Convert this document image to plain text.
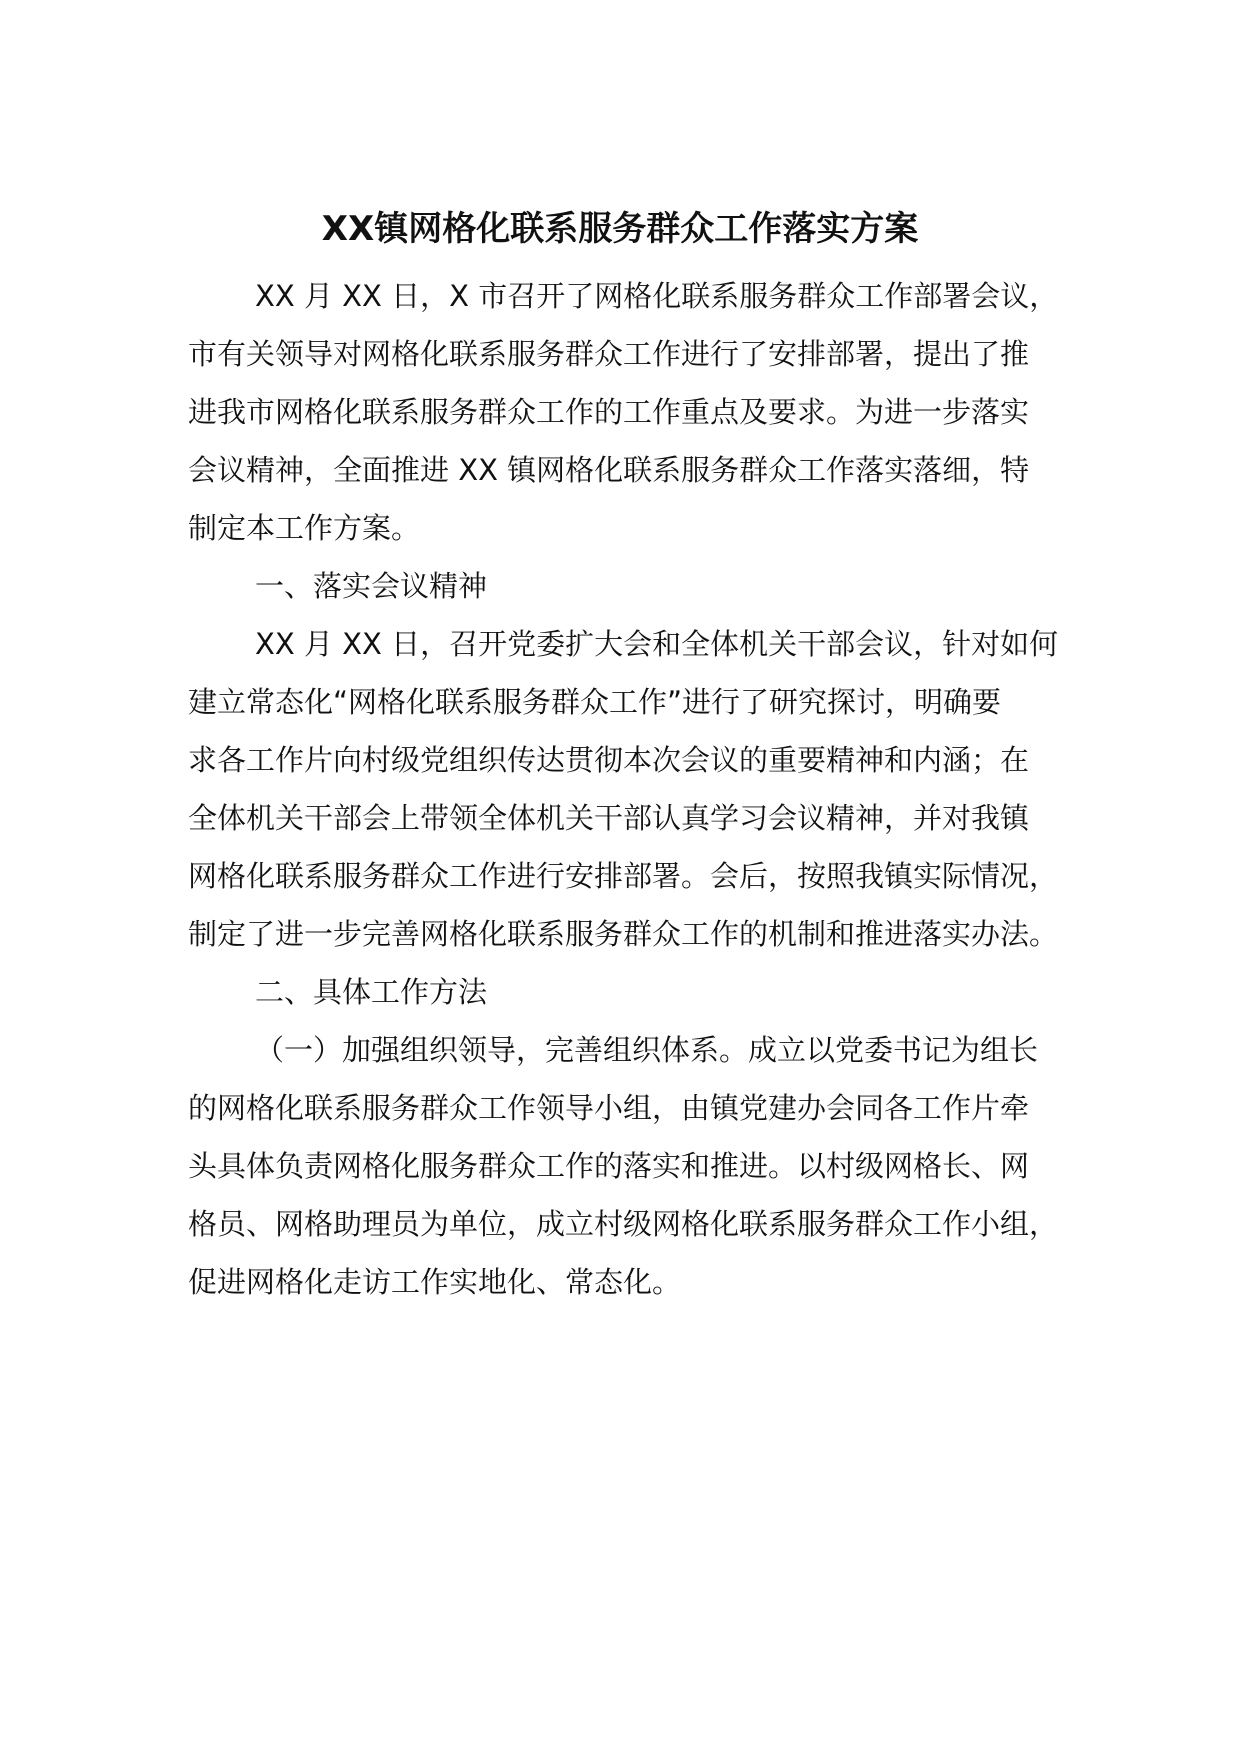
XX镇网格化联系服务群众工作落实方案
XX 月 XX 日，X 市召开了网格化联系服务群众工作部署会议，
市有关领导对网格化联系服务群众工作进行了安排部署，提出了推
进我市网格化联系服务群众工作的工作重点及要求。为进一步落实
会议精神，全面推进 XX 镇网格化联系服务群众工作落实落细，特
制定本工作方案。
一、落实会议精神
XX 月 XX 日，召开党委扩大会和全体机关干部会议，针对如何
建立常态化“网格化联系服务群众工作”进行了研究探讨，明确要
求各工作片向村级党组织传达贯彻本次会议的重要精神和内涵；在
全体机关干部会上带领全体机关干部认真学习会议精神，并对我镇
网格化联系服务群众工作进行安排部署。会后，按照我镇实际情况，
制定了进一步完善网格化联系服务群众工作的机制和推进落实办法。
二、具体工作方法
（一）加强组织领导，完善组织体系。成立以党委书记为组长
的网格化联系服务群众工作领导小组，由镇党建办会同各工作片牵
头具体负责网格化服务群众工作的落实和推进。以村级网格长、网
格员、网格助理员为单位，成立村级网格化联系服务群众工作小组，
促进网格化走访工作实地化、常态化。
